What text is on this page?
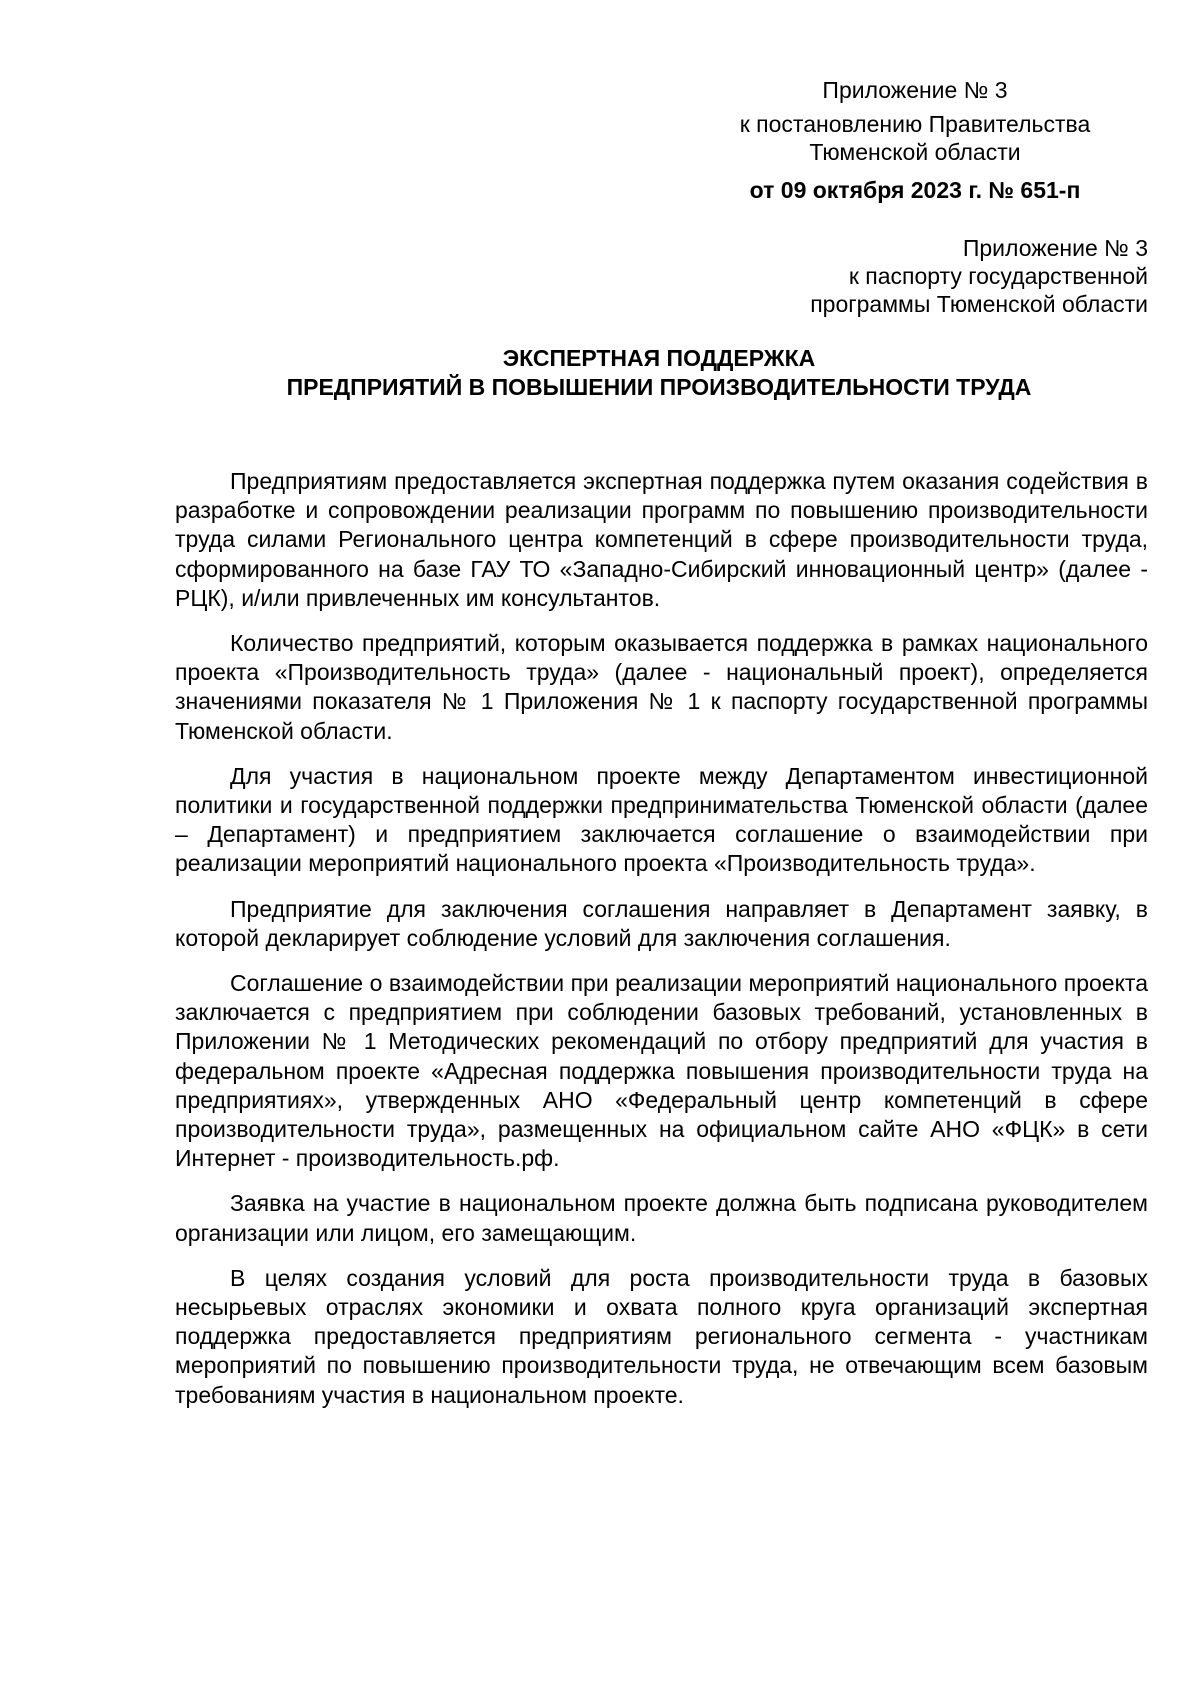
Приложение № 3
к постановлению Правительства
Тюменской области
от 09 октября 2023 г. № 651-п
Приложение № 3
к паспорту государственной
программы Тюменской области
ЭКСПЕРТНАЯ ПОДДЕРЖКА
ПРЕДПРИЯТИЙ В ПОВЫШЕНИИ ПРОИЗВОДИТЕЛЬНОСТИ ТРУДА

Предприятиям предоставляется экспертная поддержка путем оказания содействия в разработке и сопровождении реализации программ по повышению производительности труда силами Регионального центра компетенций в сфере производительности труда, сформированного на базе ГАУ ТО «Западно-Сибирский инновационный центр» (далее - РЦК), и/или привлеченных им консультантов.

Количество предприятий, которым оказывается поддержка в рамках национального проекта «Производительность труда» (далее - национальный проект), определяется значениями показателя № 1 Приложения № 1 к паспорту государственной программы Тюменской области.

Для участия в национальном проекте между Департаментом инвестиционной политики и государственной поддержки предпринимательства Тюменской области (далее – Департамент) и предприятием заключается соглашение о взаимодействии при реализации мероприятий национального проекта «Производительность труда».

Предприятие для заключения соглашения направляет в Департамент заявку, в которой декларирует соблюдение условий для заключения соглашения.

Соглашение о взаимодействии при реализации мероприятий национального проекта заключается с предприятием при соблюдении базовых требований, установленных в Приложении № 1 Методических рекомендаций по отбору предприятий для участия в федеральном проекте «Адресная поддержка повышения производительности труда на предприятиях», утвержденных АНО «Федеральный центр компетенций в сфере производительности труда», размещенных на официальном сайте АНО «ФЦК» в сети Интернет - производительность.рф.

Заявка на участие в национальном проекте должна быть подписана руководителем организации или лицом, его замещающим.

В целях создания условий для роста производительности труда в базовых несырьевых отраслях экономики и охвата полного круга организаций экспертная поддержка предоставляется предприятиям регионального сегмента - участникам мероприятий по повышению производительности труда, не отвечающим всем базовым требованиям участия в национальном проекте.
